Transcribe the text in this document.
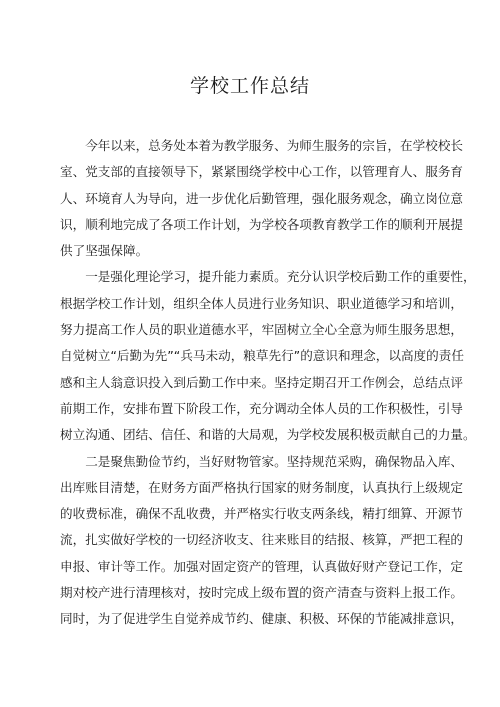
学校工作总结

今年以来，总务处本着为教学服务、为师生服务的宗旨，在学校校长
室、党支部的直接领导下，紧紧围绕学校中心工作，以管理育人、服务育
人、环境育人为导向，进一步优化后勤管理，强化服务观念，确立岗位意
识，顺利地完成了各项工作计划，为学校各项教育教学工作的顺利开展提
供了坚强保障。

一是强化理论学习，提升能力素质。充分认识学校后勤工作的重要性，
根据学校工作计划，组织全体人员进行业务知识、职业道德学习和培训，
努力提高工作人员的职业道德水平，牢固树立全心全意为师生服务思想，
自觉树立“后勤为先”“兵马未动，粮草先行”的意识和理念，以高度的责任
感和主人翁意识投入到后勤工作中来。坚持定期召开工作例会，总结点评
前期工作，安排布置下阶段工作，充分调动全体人员的工作积极性，引导
树立沟通、团结、信任、和谐的大局观，为学校发展积极贡献自己的力量。

二是聚焦勤俭节约，当好财物管家。坚持规范采购，确保物品入库、
出库账目清楚，在财务方面严格执行国家的财务制度，认真执行上级规定
的收费标准，确保不乱收费，并严格实行收支两条线，精打细算、开源节
流，扎实做好学校的一切经济收支、往来账目的结报、核算，严把工程的
申报、审计等工作。加强对固定资产的管理，认真做好财产登记工作，定
期对校产进行清理核对，按时完成上级布置的资产清查与资料上报工作。
同时，为了促进学生自觉养成节约、健康、积极、环保的节能减排意识，
